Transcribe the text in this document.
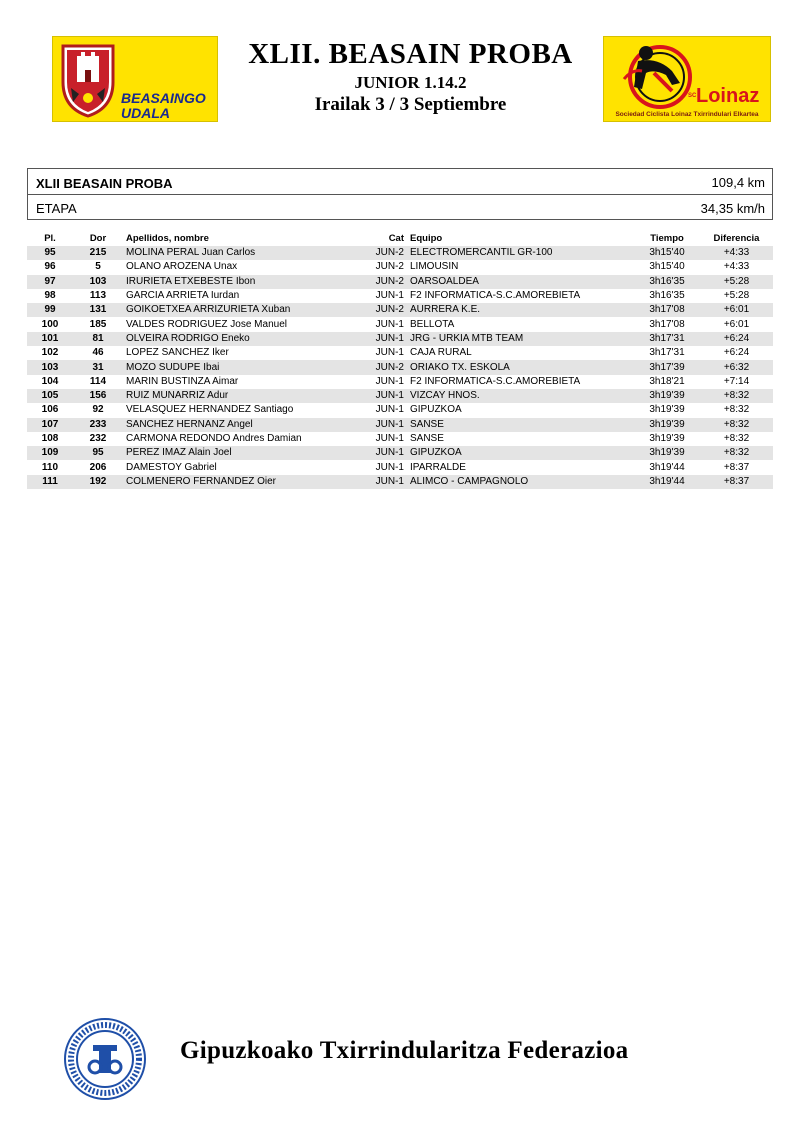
BEASAINGO
UDALA
XLII. BEASAIN PROBA
JUNIOR 1.14.2
Irailak 3 / 3 Septiembre	SC Loinaz
Sociedad Ciclista Loinaz Txirrindulari Elkartea
XLII BEASAIN PROBA	109,4 km
ETAPA	34,35 km/h
Pl.	Dor	Apellidos, nombre	Cat	Equipo	Tiempo	Diferencia
95	215	MOLINA PERAL Juan Carlos	JUN-2	ELECTROMERCANTIL GR-100	3h15'40	+4:33
96	5	OLANO AROZENA Unax	JUN-2	LIMOUSIN	3h15'40	+4:33
97	103	IRURIETA ETXEBESTE Ibon	JUN-2	OARSOALDEA	3h16'35	+5:28
98	113	GARCIA ARRIETA Iurdan	JUN-1	F2 INFORMATICA-S.C.AMOREBIETA	3h16'35	+5:28
99	131	GOIKOETXEA ARRIZURIETA Xuban	JUN-2	AURRERA K.E.	3h17'08	+6:01
100	185	VALDES RODRIGUEZ Jose Manuel	JUN-1	BELLOTA	3h17'08	+6:01
101	81	OLVEIRA RODRIGO Eneko	JUN-1	JRG - URKIA MTB TEAM	3h17'31	+6:24
102	46	LOPEZ SANCHEZ Iker	JUN-1	CAJA RURAL	3h17'31	+6:24
103	31	MOZO SUDUPE Ibai	JUN-2	ORIAKO TX. ESKOLA	3h17'39	+6:32
104	114	MARIN BUSTINZA Aimar	JUN-1	F2 INFORMATICA-S.C.AMOREBIETA	3h18'21	+7:14
105	156	RUIZ MUNARRIZ Adur	JUN-1	VIZCAY HNOS.	3h19'39	+8:32
106	92	VELASQUEZ HERNANDEZ Santiago	JUN-1	GIPUZKOA	3h19'39	+8:32
107	233	SANCHEZ HERNANZ Angel	JUN-1	SANSE	3h19'39	+8:32
108	232	CARMONA REDONDO Andres Damian	JUN-1	SANSE	3h19'39	+8:32
109	95	PEREZ IMAZ Alain Joel	JUN-1	GIPUZKOA	3h19'39	+8:32
110	206	DAMESTOY Gabriel	JUN-1	IPARRALDE	3h19'44	+8:37
111	192	COLMENERO FERNANDEZ Oier	JUN-1	ALIMCO - CAMPAGNOLO	3h19'44	+8:37
Gipuzkoako Txirrindularitza Federazioa
